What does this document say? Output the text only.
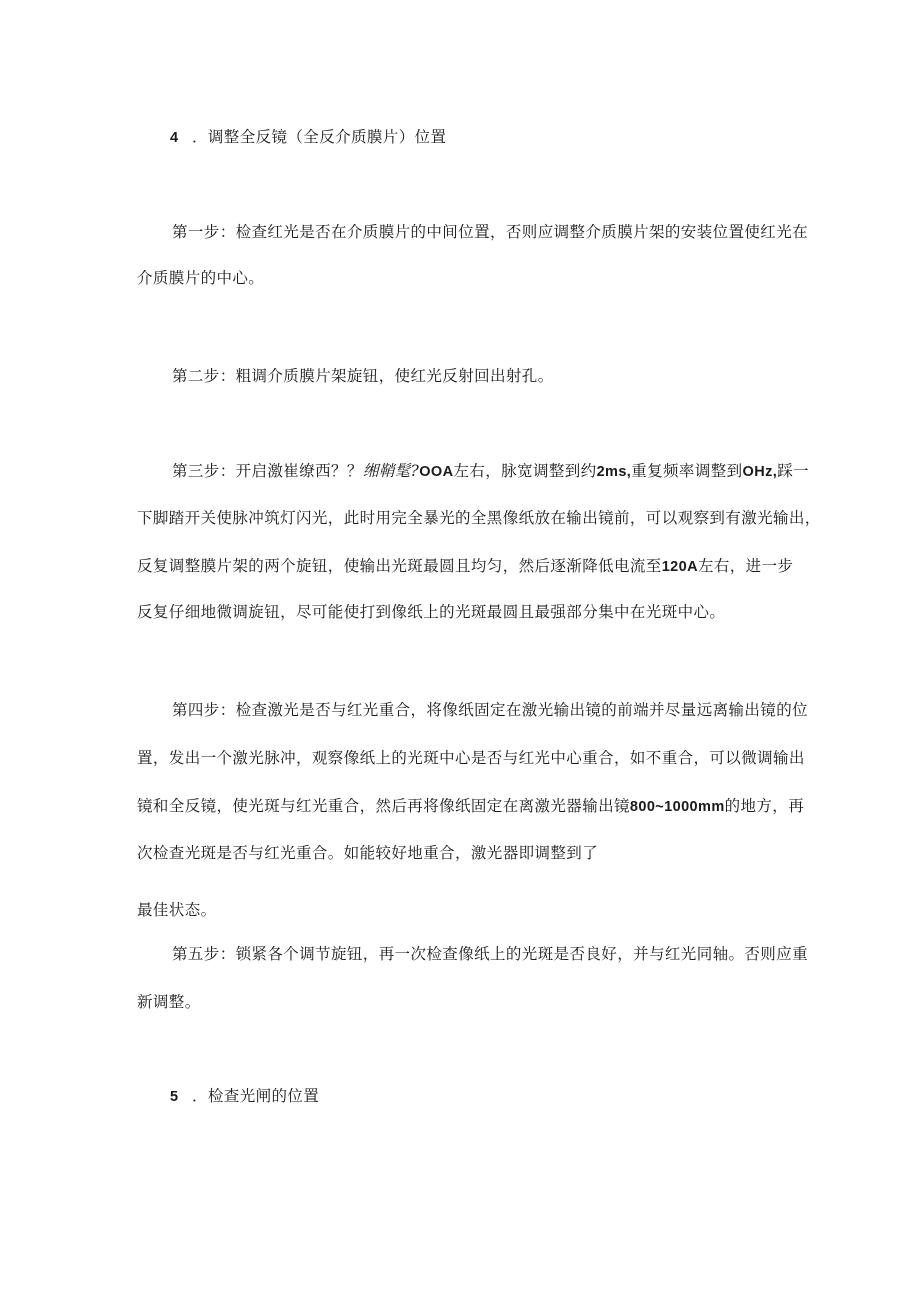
4 ．调整全反镜（全反介质膜片）位置
第一步：检查红光是否在介质膜片的中间位置，否则应调整介质膜片架的安装位置使红光在
介质膜片的中心。
第二步：粗调介质膜片架旋钮，使红光反射回出射孔。
第三步：开启激崔缭西？？缃鞘髦?OOA左右，脉宽调整到约2ms,重复频率调整到OHz,踩一
下脚踏开关使脉冲筑灯闪光，此时用完全暴光的全黑像纸放在输出镜前，可以观察到有激光输出，
反复调整膜片架的两个旋钮，使输出光斑最圆且均匀，然后逐渐降低电流至120A左右，进一步
反复仔细地微调旋钮，尽可能使打到像纸上的光斑最圆且最强部分集中在光斑中心。
第四步：检查激光是否与红光重合，将像纸固定在激光输出镜的前端并尽量远离输出镜的位
置，发出一个激光脉冲，观察像纸上的光斑中心是否与红光中心重合，如不重合，可以微调输出
镜和全反镜，使光斑与红光重合，然后再将像纸固定在离激光器输出镜800~1000mm的地方，再
次检查光斑是否与红光重合。如能较好地重合，激光器即调整到了
最佳状态。
第五步：锁紧各个调节旋钮，再一次检查像纸上的光斑是否良好，并与红光同轴。否则应重
新调整。
5 ．检查光闸的位置
